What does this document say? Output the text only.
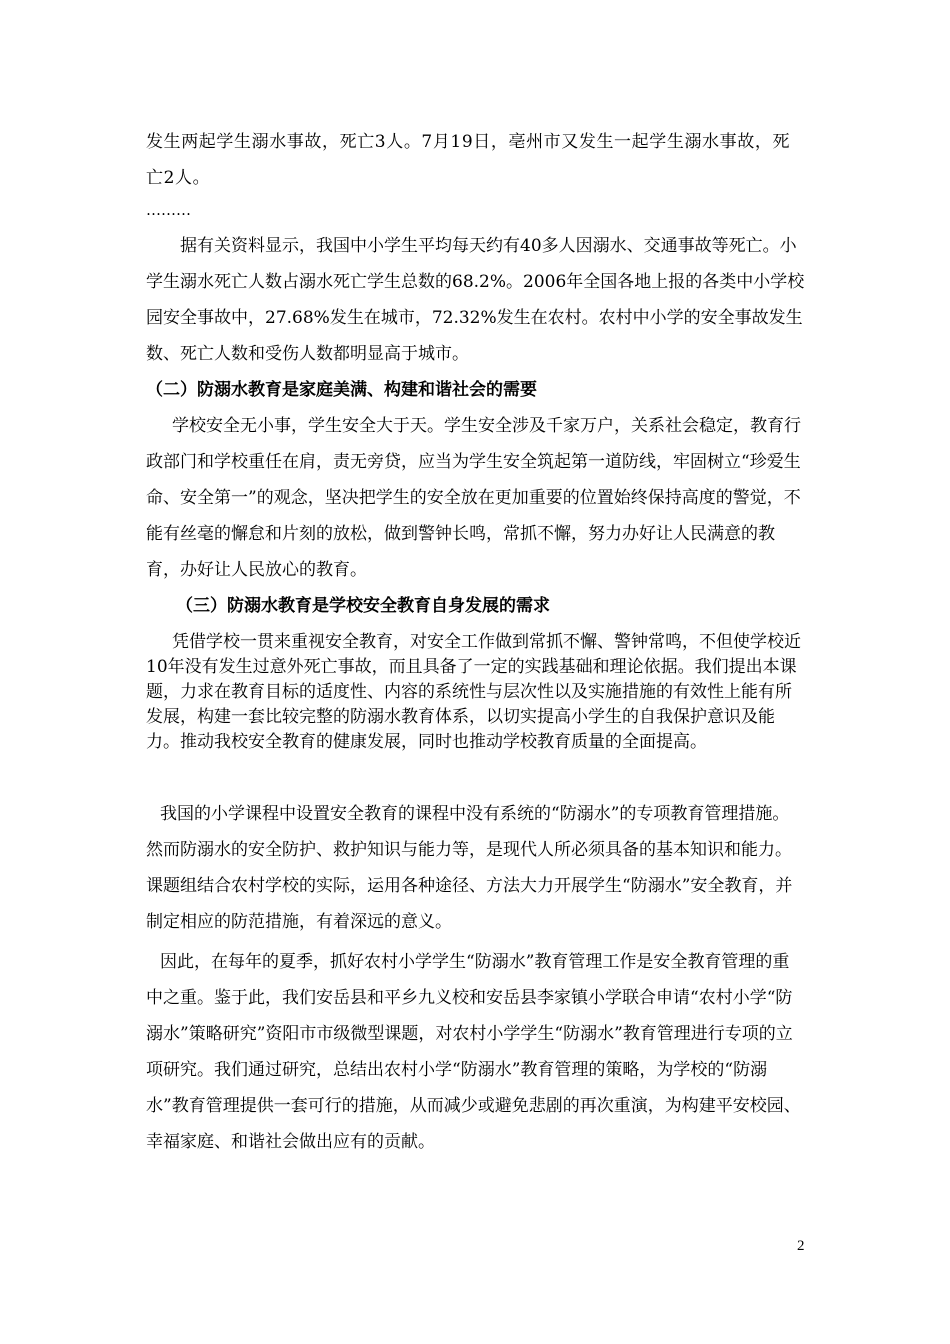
发生两起学生溺水事故，死亡3人。7月19日，亳州市又发生一起学生溺水事故，死亡2人。

………

　据有关资料显示，我国中小学生平均每天约有40多人因溺水、交通事故等死亡。小学生溺水死亡人数占溺水死亡学生总数的68.2%。2006年全国各地上报的各类中小学校园安全事故中，27.68%发生在城市，72.32%发生在农村。农村中小学的安全事故发生数、死亡人数和受伤人数都明显高于城市。

（二）防溺水教育是家庭美满、构建和谐社会的需要

学校安全无小事，学生安全大于天。学生安全涉及千家万户，关系社会稳定，教育行政部门和学校重任在肩，责无旁贷，应当为学生安全筑起第一道防线，牢固树立“珍爱生命、安全第一”的观念，坚决把学生的安全放在更加重要的位置始终保持高度的警觉，不能有丝毫的懈怠和片刻的放松，做到警钟长鸣，常抓不懈，努力办好让人民满意的教育，办好让人民放心的教育。

（三）防溺水教育是学校安全教育自身发展的需求

凭借学校一贯来重视安全教育，对安全工作做到常抓不懈、警钟常鸣，不但使学校近10年没有发生过意外死亡事故，而且具备了一定的实践基础和理论依据。我们提出本课题，力求在教育目标的适度性、内容的系统性与层次性以及实施措施的有效性上能有所发展，构建一套比较完整的防溺水教育体系，以切实提高小学生的自我保护意识及能力。推动我校安全教育的健康发展，同时也推动学校教育质量的全面提高。

我国的小学课程中设置安全教育的课程中没有系统的“防溺水”的专项教育管理措施。然而防溺水的安全防护、救护知识与能力等，是现代人所必须具备的基本知识和能力。课题组结合农村学校的实际，运用各种途径、方法大力开展学生“防溺水”安全教育，并制定相应的防范措施，有着深远的意义。

因此，在每年的夏季，抓好农村小学学生“防溺水”教育管理工作是安全教育管理的重中之重。鉴于此，我们安岳县和平乡九义校和安岳县李家镇小学联合申请“农村小学“防溺水”策略研究”资阳市市级微型课题，对农村小学学生“防溺水”教育管理进行专项的立项研究。我们通过研究，总结出农村小学“防溺水”教育管理的策略，为学校的“防溺水”教育管理提供一套可行的措施，从而减少或避免悲剧的再次重演，为构建平安校园、幸福家庭、和谐社会做出应有的贡献。

2
